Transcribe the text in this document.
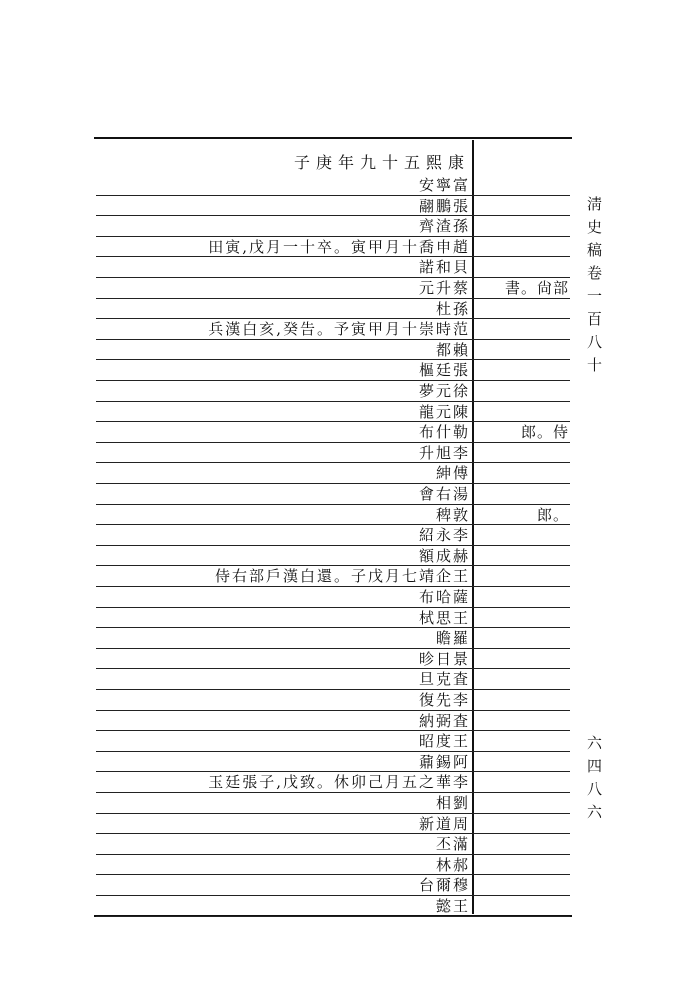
子庚年九十五熙康
安寧富
翮鵬張
齊渣孫
田寅,戊月一十卒。寅甲月十喬申趙
諾和貝
元升蔡 書。尙部
杜孫
兵漢白亥,癸告。予寅甲月十崇時范
都賴
樞廷張
夢元徐
龍元陳
布什勒	郎。侍
升旭李
紳傅
會右湯
稗敦	郎。
紹永李
額成赫
侍右部戶漢白還。子戊月七靖企王
布哈薩
栻思王
瞻羅
昣日景
旦克査
復先李
納弼査
昭度王
鼐錫阿
玉廷張子,戊致。休卯己月五之華李
相劉
新道周
丕滿
林郝
台爾穆
懿王
淸史稿卷一百八十
六四八六
